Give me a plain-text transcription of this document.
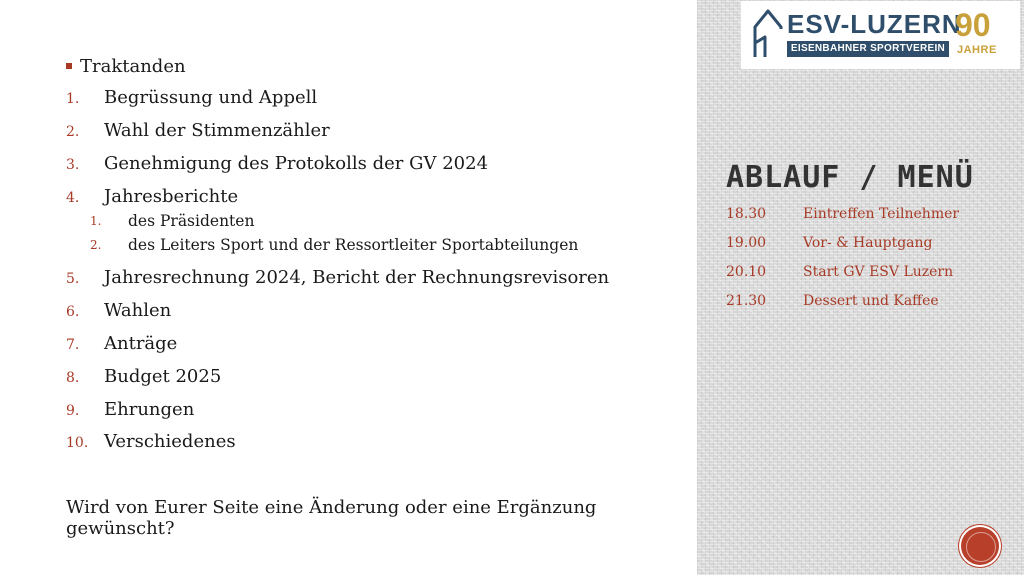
Traktanden
1.	Begrüssung und Appell
2.	Wahl der Stimmenzähler
3.	Genehmigung des Protokolls der GV 2024
4.	Jahresberichte
1. des Präsidenten
2. des Leiters Sport und der Ressortleiter Sportabteilungen
5.	Jahresrechnung 2024, Bericht der Rechnungsrevisoren
6.	Wahlen
7.	Anträge
8.	Budget 2025
9.	Ehrungen
10. Verschiedenes
Wird von Eurer Seite eine Änderung oder eine Ergänzung gewünscht?
ESV-LUZERN
EISENBAHNER SPORTVEREIN
90
JAHRE
ABLAUF / MENÜ
18.30	Eintreffen Teilnehmer
19.00	Vor- & Hauptgang
20.10	Start GV ESV Luzern
21.30	Dessert und Kaffee
